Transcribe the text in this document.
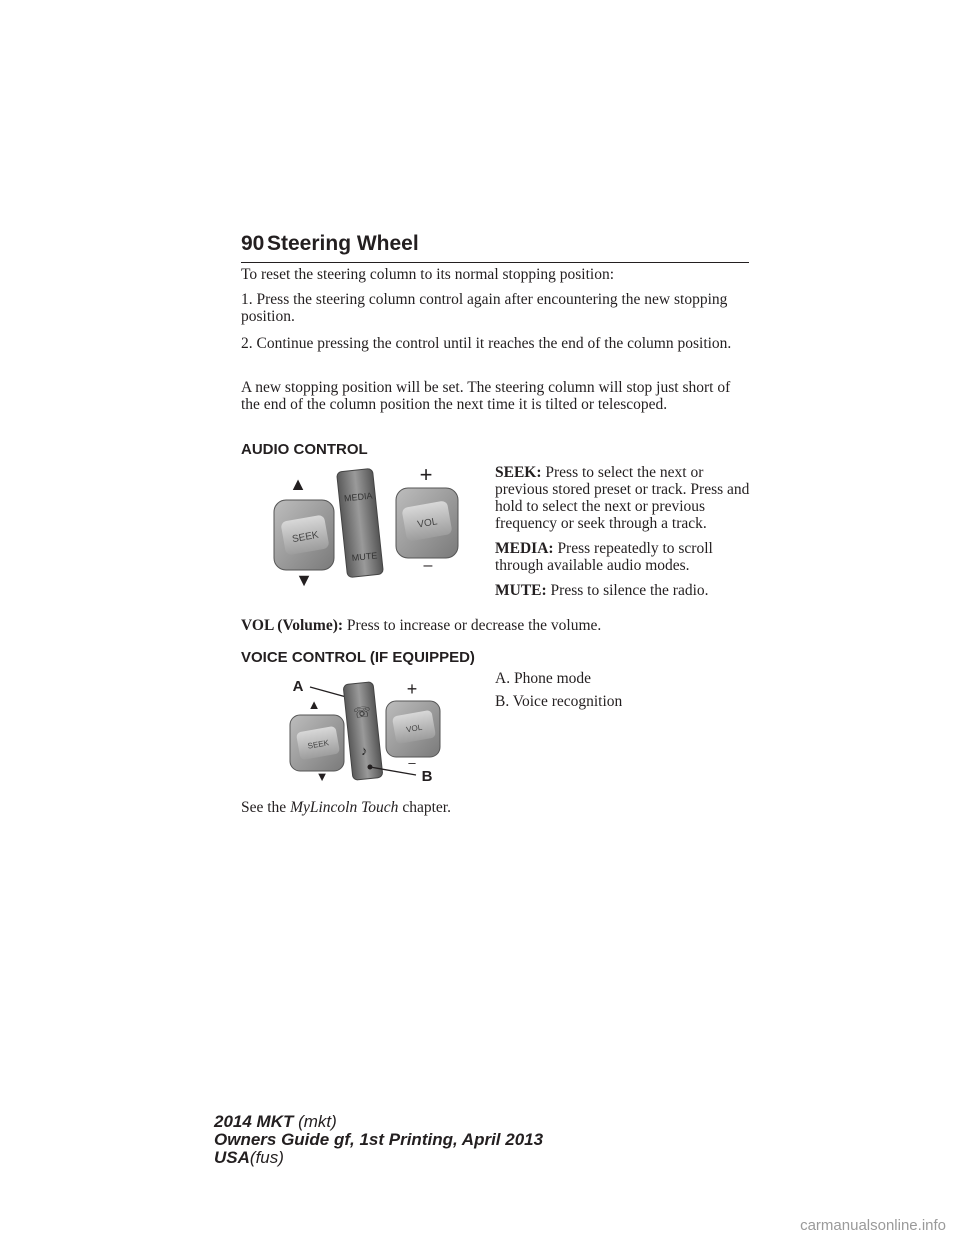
90 Steering Wheel
To reset the steering column to its normal stopping position:
1. Press the steering column control again after encountering the new stopping position.
2. Continue pressing the control until it reaches the end of the column position.
A new stopping position will be set. The steering column will stop just short of the end of the column position the next time it is tilted or telescoped.
AUDIO CONTROL
▲
SEEK
▼
MEDIA
MUTE
+
VOL
–

SEEK: Press to select the next or previous stored preset or track. Press and hold to select the next or previous frequency or seek through a track.

MEDIA: Press repeatedly to scroll through available audio modes.

MUTE: Press to silence the radio.

VOL (Volume): Press to increase or decrease the volume.
VOICE CONTROL (IF EQUIPPED)
A
▲
SEEK
▼
☏
♪
+
VOL
–
B

A. Phone mode

B. Voice recognition

See the MyLincoln Touch chapter.
2014 MKT (mkt)
Owners Guide gf, 1st Printing, April 2013
USA(fus)
carmanualsonline.info
